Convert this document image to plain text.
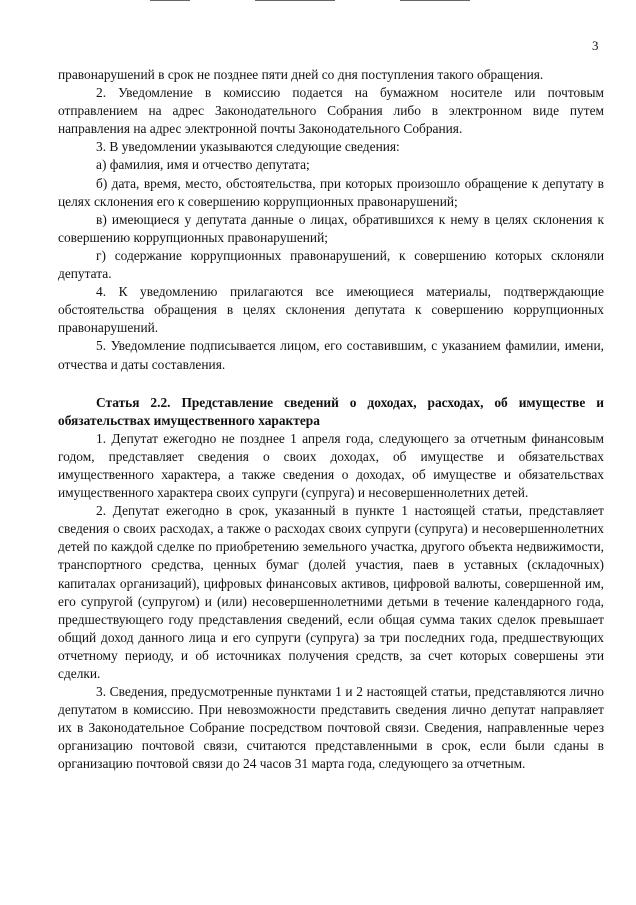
3

правонарушений в срок не позднее пяти дней со дня поступления такого обращения.

2. Уведомление в комиссию подается на бумажном носителе или почтовым отправлением на адрес Законодательного Собрания либо в электронном виде путем направления на адрес электронной почты Законодательного Собрания.

3. В уведомлении указываются следующие сведения:

а) фамилия, имя и отчество депутата;

б) дата, время, место, обстоятельства, при которых произошло обращение к депутату в целях склонения его к совершению коррупционных правонарушений;

в) имеющиеся у депутата данные о лицах, обратившихся к нему в целях склонения к совершению коррупционных правонарушений;

г) содержание коррупционных правонарушений, к совершению которых склоняли депутата.

4. К уведомлению прилагаются все имеющиеся материалы, подтверждающие обстоятельства обращения в целях склонения депутата к совершению коррупционных правонарушений.

5. Уведомление подписывается лицом, его составившим, с указанием фамилии, имени, отчества и даты составления.

Статья 2.2. Представление сведений о доходах, расходах, об имуществе и обязательствах имущественного характера

1. Депутат ежегодно не позднее 1 апреля года, следующего за отчетным финансовым годом, представляет сведения о своих доходах, об имуществе и обязательствах имущественного характера, а также сведения о доходах, об имуществе и обязательствах имущественного характера своих супруги (супруга) и несовершеннолетних детей.

2. Депутат ежегодно в срок, указанный в пункте 1 настоящей статьи, представляет сведения о своих расходах, а также о расходах своих супруги (супруга) и несовершеннолетних детей по каждой сделке по приобретению земельного участка, другого объекта недвижимости, транспортного средства, ценных бумаг (долей участия, паев в уставных (складочных) капиталах организаций), цифровых финансовых активов, цифровой валюты, совершенной им, его супругой (супругом) и (или) несовершеннолетними детьми в течение календарного года, предшествующего году представления сведений, если общая сумма таких сделок превышает общий доход данного лица и его супруги (супруга) за три последних года, предшествующих отчетному периоду, и об источниках получения средств, за счет которых совершены эти сделки.

3. Сведения, предусмотренные пунктами 1 и 2 настоящей статьи, представляются лично депутатом в комиссию. При невозможности представить сведения лично депутат направляет их в Законодательное Собрание посредством почтовой связи. Сведения, направленные через организацию почтовой связи, считаются представленными в срок, если были сданы в организацию почтовой связи до 24 часов 31 марта года, следующего за отчетным.
